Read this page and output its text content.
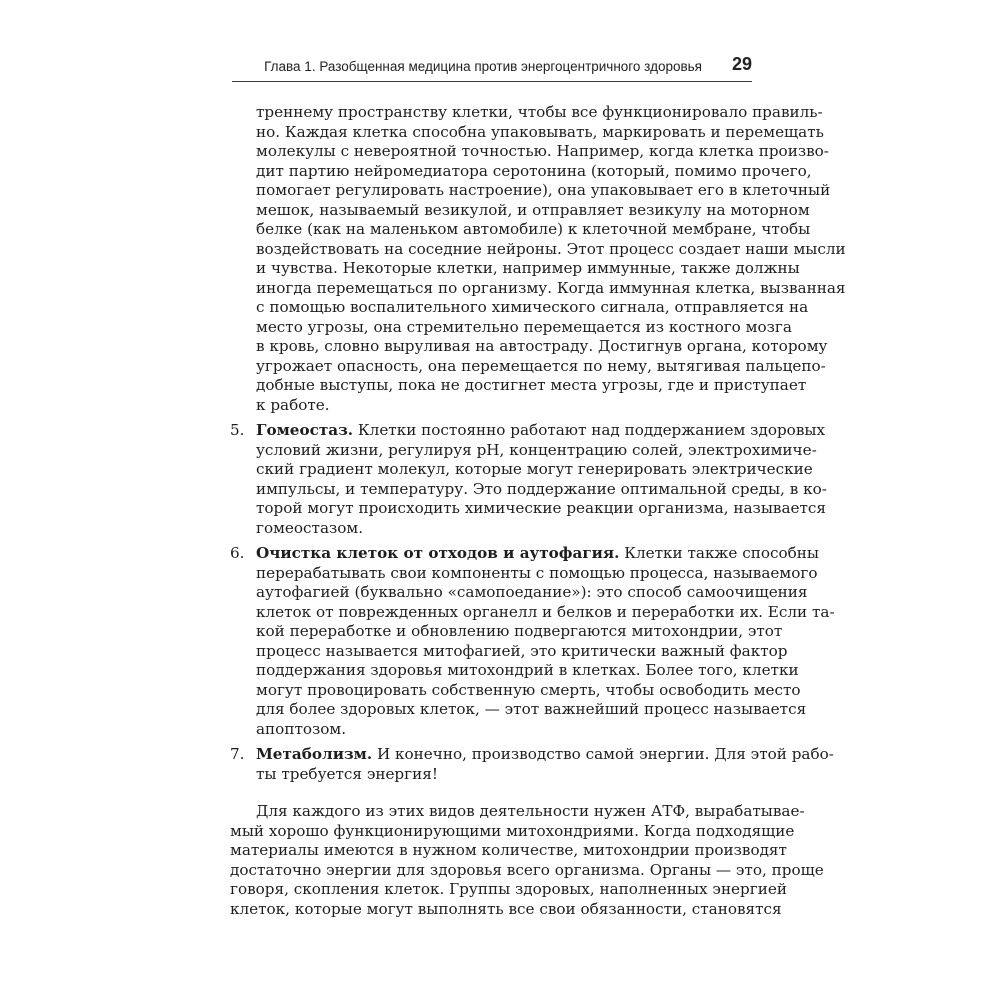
Глава 1. Разобщенная медицина против энергоцентричного здоровья 29
треннему пространству клетки, чтобы все функционировало правиль-
но. Каждая клетка способна упаковывать, маркировать и перемещать
молекулы с невероятной точностью. Например, когда клетка произво-
дит партию нейромедиатора серотонина (который, помимо прочего,
помогает регулировать настроение), она упаковывает его в клеточный
мешок, называемый везикулой, и отправляет везикулу на моторном
белке (как на маленьком автомобиле) к клеточной мембране, чтобы
воздействовать на соседние нейроны. Этот процесс создает наши мысли
и чувства. Некоторые клетки, например иммунные, также должны
иногда перемещаться по организму. Когда иммунная клетка, вызванная
с помощью воспалительного химического сигнала, отправляется на
место угрозы, она стремительно перемещается из костного мозга
в кровь, словно выруливая на автостраду. Достигнув органа, которому
угрожает опасность, она перемещается по нему, вытягивая пальцепо-
добные выступы, пока не достигнет места угрозы, где и приступает
к работе.
5. Гомеостаз. Клетки постоянно работают над поддержанием здоровых
условий жизни, регулируя pH, концентрацию солей, электрохимиче-
ский градиент молекул, которые могут генерировать электрические
импульсы, и температуру. Это поддержание оптимальной среды, в ко-
торой могут происходить химические реакции организма, называется
гомеостазом.
6. Очистка клеток от отходов и аутофагия. Клетки также способны
перерабатывать свои компоненты с помощью процесса, называемого
аутофагией (буквально «самопоедание»): это способ самоочищения
клеток от поврежденных органелл и белков и переработки их. Если та-
кой переработке и обновлению подвергаются митохондрии, этот
процесс называется митофагией, это критически важный фактор
поддержания здоровья митохондрий в клетках. Более того, клетки
могут провоцировать собственную смерть, чтобы освободить место
для более здоровых клеток, — этот важнейший процесс называется
апоптозом.
7. Метаболизм. И конечно, производство самой энергии. Для этой рабо-
ты требуется энергия!
Для каждого из этих видов деятельности нужен АТФ, вырабатывае-
мый хорошо функционирующими митохондриями. Когда подходящие
материалы имеются в нужном количестве, митохондрии производят
достаточно энергии для здоровья всего организма. Органы — это, проще
говоря, скопления клеток. Группы здоровых, наполненных энергией
клеток, которые могут выполнять все свои обязанности, становятся
